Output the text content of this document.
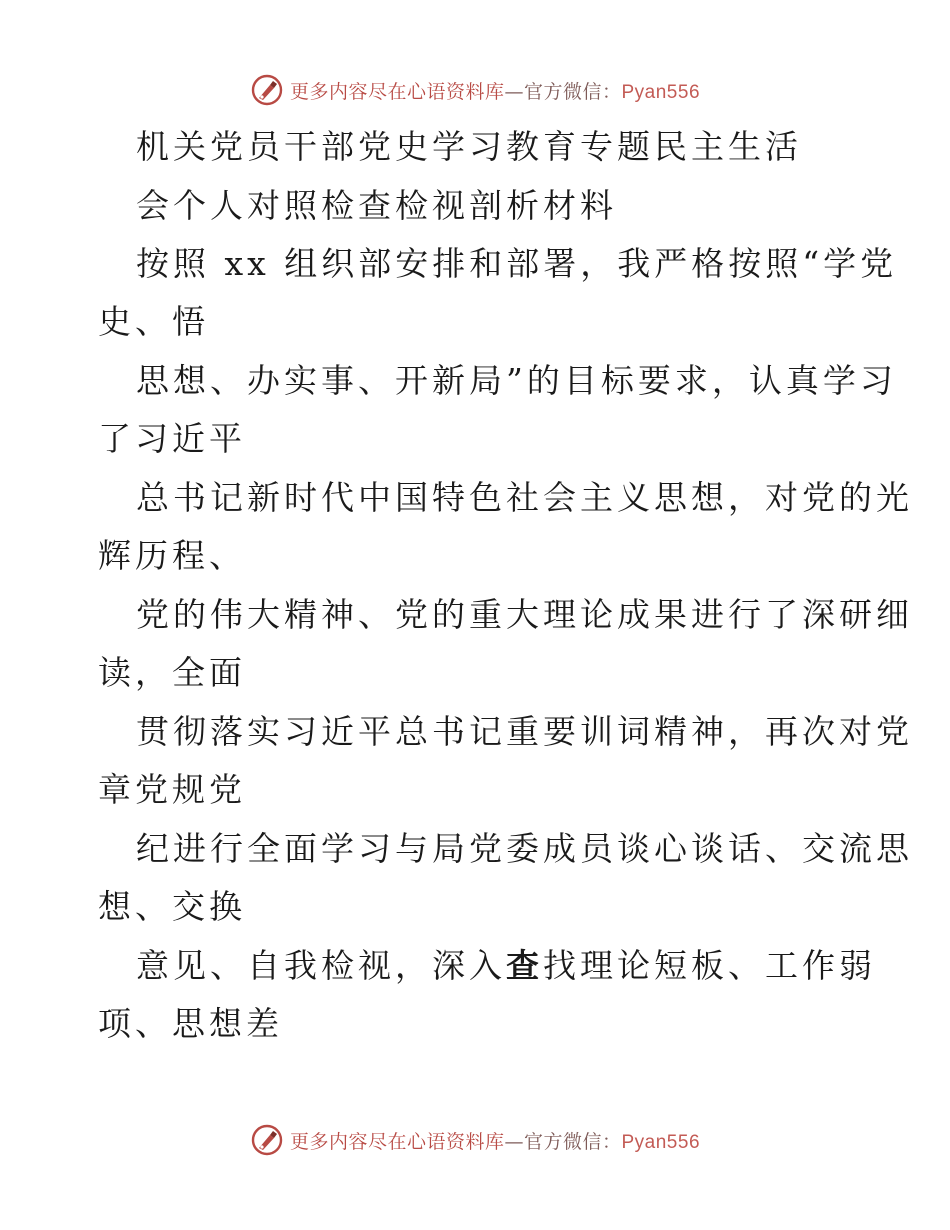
更多内容尽在心语资料库—官方微信：Pyan556
机关党员干部党史学习教育专题民主生活
会个人对照检查检视剖析材料
按照 xx 组织部安排和部署，我严格按照“学党
史、悟
思想、办实事、开新局”的目标要求，认真学习
了习近平
总书记新时代中国特色社会主义思想，对党的光
辉历程、
党的伟大精神、党的重大理论成果进行了深研细
读，全面
贯彻落实习近平总书记重要训词精神，再次对党
章党规党
纪进行全面学习与局党委成员谈心谈话、交流思
想、交换
意见、自我检视，深入查找理论短板、工作弱
项、思想差
更多内容尽在心语资料库—官方微信：Pyan556
